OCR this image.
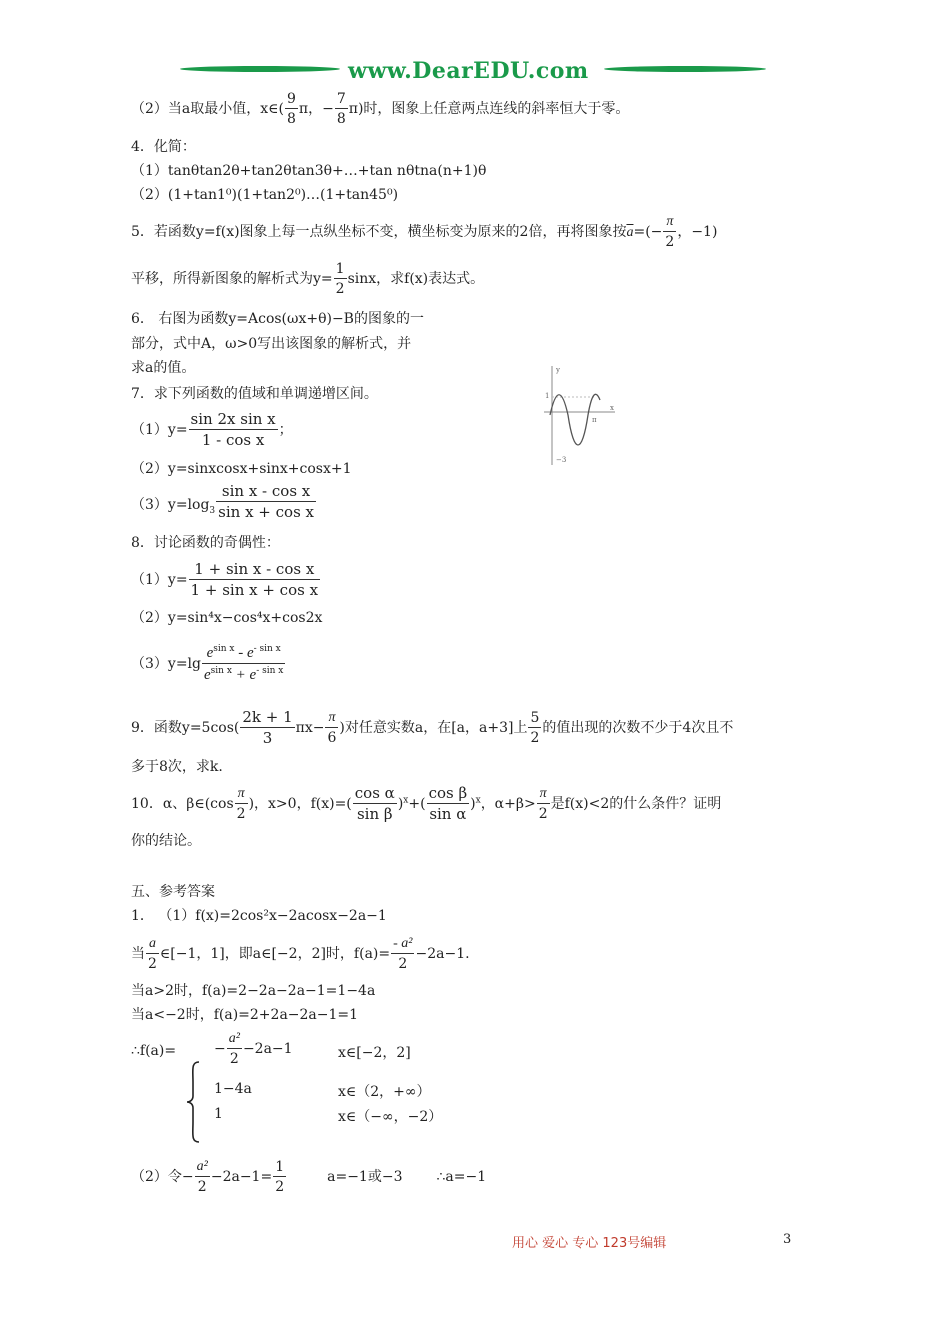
www.DearEDU.com
（2）当a取最小值，x∈( $\frac{9}{8}$ π，− $\frac{7}{8} \pi$)时，图象上任意两点连线的斜率恒大于零。
4．化简：
（1）tanθtan2θ+tan2θtan3θ+…+tan nθtna(n+1)θ
（2）(1+tan1⁰)(1+tan2⁰)…(1+tan45⁰)
5．若函数y=f(x)图象上每一点纵坐标不变，横坐标变为原来的2倍，再将图象按$\overline{a}=(- \frac{\pi}{2}$ ，−1)
平移，所得新图象的解析式为$y= \frac{1}{2}$ sinx，求f(x)表达式。
6． 右图为函数y=Acos(ωx+θ)−B的图象的一
部分，式中A，ω>0写出该图象的解析式，并
求a的值。	y
x
1
−3
π
7．求下列函数的值域和单调递增区间。
$(1)y= \frac{\text{sin 2x sin x}}{\text{1 - cos x}}$ ；
（2）y=sinxcosx+sinx+cosx+1
$(3)y=\log_3 \frac{\text{sin x - cos x}}{\text{sin x + cos x}}$
8．讨论函数的奇偶性：
$(1)y= \frac{\text{1 + sin x - cos x}}{\text{1 + sin x + cos x}}$
（2）y=sin⁴x−cos⁴x+cos2x
$(3)y=\lg \frac{e^{sin x} - e^{- sin x}}{e^{sin x} + e^{- sin x}}$
9．函数$y=5\cos( \frac{2k + 1}{3} \pi x- \frac{\pi}{6}$ )对任意实数a，在[a，a+3]上 $\frac{5}{2}$ 的值出现的次数不少于4次且不
多于8次，求k.
10．α、β∈(cos $\frac{\pi}{2}$ )，x>0，$f(x)=( \frac{\text{cos α}}{\text{sin β}} )^x+( \frac{\text{cos β}}{\text{sin α}} )^x$，$\alpha+\beta> \frac{\pi}{2}$ 是f(x)<2的什么条件？证明
你的结论。
五、参考答案
1． （1）f(x)=2cos²x−2acosx−2a−1
当 $\frac{a}{2}$ ∈[−1，1]，即a∈[−2，2]时，$f(a)= \frac{\text{- a²}}{2} -2a-1$.
当a>2时，f(a)=2−2a−2a−1=1−4a
当a<−2时，f(a)=2+2a−2a−1=1
∴f(a)=	− $\frac{\text{a²}}{2} -2a-1$	x∈[−2，2]
1−4a	x∈（2，+∞）
1	x∈（−∞，−2）
（2）令− $\frac{\text{a²}}{2} -2a-1= \frac{1}{2}$	a=−1或−3 ∴a=−1
用心 爱心 专心 123号编辑	3
